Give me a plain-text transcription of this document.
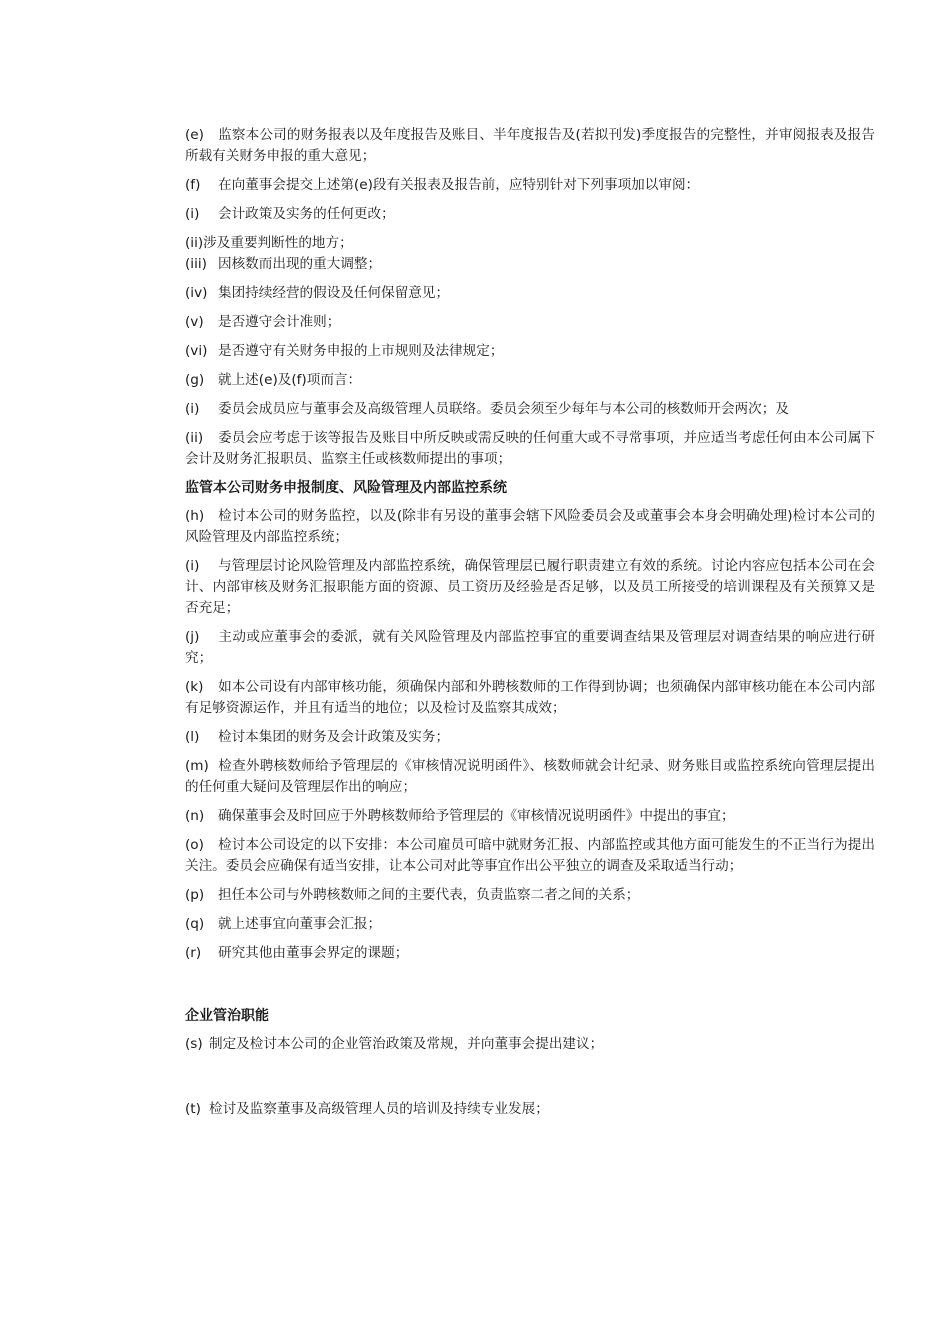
(e) 监察本公司的财务报表以及年度报告及账目、半年度报告及(若拟刊发)季度报告的完整性，并审阅报表及报告所载有关财务申报的重大意见；

(f) 在向董事会提交上述第(e)段有关报表及报告前，应特别针对下列事项加以审阅：

(i) 会计政策及实务的任何更改；

(ii)涉及重要判断性的地方；

(iii) 因核数而出现的重大调整；

(iv) 集团持续经营的假设及任何保留意见；

(v) 是否遵守会计准则；

(vi) 是否遵守有关财务申报的上市规则及法律规定；

(g) 就上述(e)及(f)项而言：

(i) 委员会成员应与董事会及高级管理人员联络。委员会须至少每年与本公司的核数师开会两次；及

(ii) 委员会应考虑于该等报告及账目中所反映或需反映的任何重大或不寻常事项，并应适当考虑任何由本公司属下会计及财务汇报职员、监察主任或核数师提出的事项；

监管本公司财务申报制度、风险管理及内部监控系统

(h) 检讨本公司的财务监控，以及(除非有另设的董事会辖下风险委员会及或董事会本身会明确处理)检讨本公司的风险管理及内部监控系统；

(i) 与管理层讨论风险管理及内部监控系统，确保管理层已履行职责建立有效的系统。讨论内容应包括本公司在会计、内部审核及财务汇报职能方面的资源、员工资历及经验是否足够，以及员工所接受的培训课程及有关预算又是否充足；

(j) 主动或应董事会的委派，就有关风险管理及内部监控事宜的重要调查结果及管理层对调查结果的响应进行研究；

(k) 如本公司设有内部审核功能，须确保内部和外聘核数师的工作得到协调；也须确保内部审核功能在本公司内部有足够资源运作，并且有适当的地位；以及检讨及监察其成效；

(l) 检讨本集团的财务及会计政策及实务；

(m) 检查外聘核数师给予管理层的《审核情况说明函件》、核数师就会计纪录、财务账目或监控系统向管理层提出的任何重大疑问及管理层作出的响应；

(n) 确保董事会及时回应于外聘核数师给予管理层的《审核情况说明函件》中提出的事宜；

(o) 检讨本公司设定的以下安排：本公司雇员可暗中就财务汇报、内部监控或其他方面可能发生的不正当行为提出关注。委员会应确保有适当安排，让本公司对此等事宜作出公平独立的调查及采取适当行动；

(p) 担任本公司与外聘核数师之间的主要代表，负责监察二者之间的关系；

(q) 就上述事宜向董事会汇报；

(r) 研究其他由董事会界定的课题；

企业管治职能

(s) 制定及检讨本公司的企业管治政策及常规，并向董事会提出建议；

(t) 检讨及监察董事及高级管理人员的培训及持续专业发展；
